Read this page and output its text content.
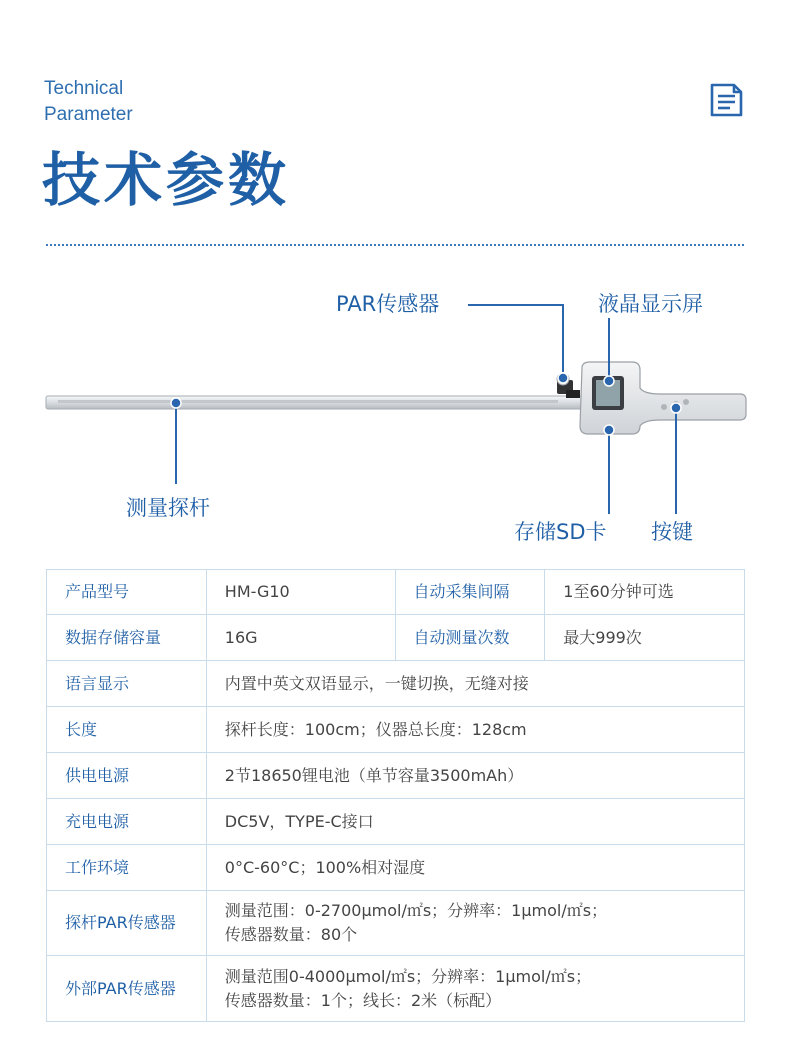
Technical
Parameter
技术参数
PAR传感器	液晶显示屏
测量探杆
存储SD卡 按键
产品型号	HM-G10	自动采集间隔	1至60分钟可选
数据存储容量	16G	自动测量次数	最大999次
语言显示	内置中英文双语显示，一键切换，无缝对接		
长度	探杆长度：100cm；仪器总长度：128cm		
供电电源	2节18650锂电池（单节容量3500mAh）		
充电电源	DC5V，TYPE-C接口		
工作环境	0°C-60°C；100%相对湿度		
探杆PAR传感器	测量范围：0-2700μmol/㎡s；分辨率：1μmol/㎡s；
传感器数量：80个		

外部PAR传感器	测量范围0-4000μmol/㎡s；分辨率：1μmol/㎡s；
传感器数量：1个；线长：2米（标配）		
